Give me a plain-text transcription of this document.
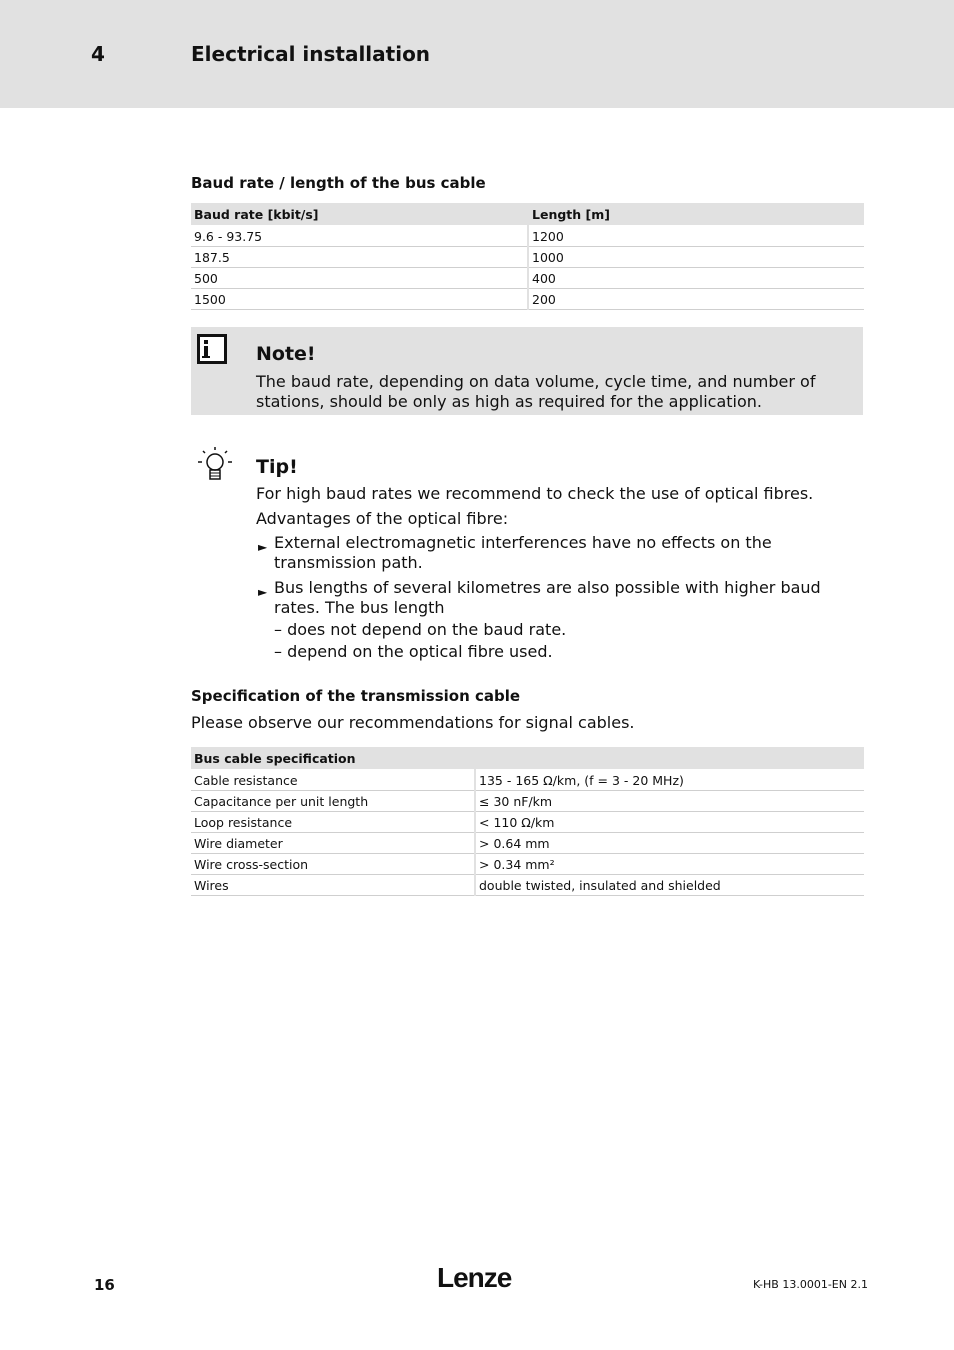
4	Electrical installation
Baud rate / length of the bus cable
Baud rate [kbit/s]	Length [m]
9.6 - 93.75	1200
187.5	1000
500	400
1500	200
Note!
The baud rate, depending on data volume, cycle time, and number of stations, should be only as high as required for the application.
Tip!
For high baud rates we recommend to check the use of optical fibres.
Advantages of the optical fibre:
► External electromagnetic interferences have no effects on the transmission path.
► Bus lengths of several kilometres are also possible with higher baud rates. The bus length
– does not depend on the baud rate.
– depend on the optical fibre used.
Specification of the transmission cable
Please observe our recommendations for signal cables.
Bus cable specification	
Cable resistance	135 - 165 Ω/km, (f = 3 - 20 MHz)
Capacitance per unit length	≤ 30 nF/km
Loop resistance	< 110 Ω/km
Wire diameter	> 0.64 mm
Wire cross-section	> 0.34 mm²
Wires	double twisted, insulated and shielded
16	Lenze	K-HB 13.0001-EN 2.1
